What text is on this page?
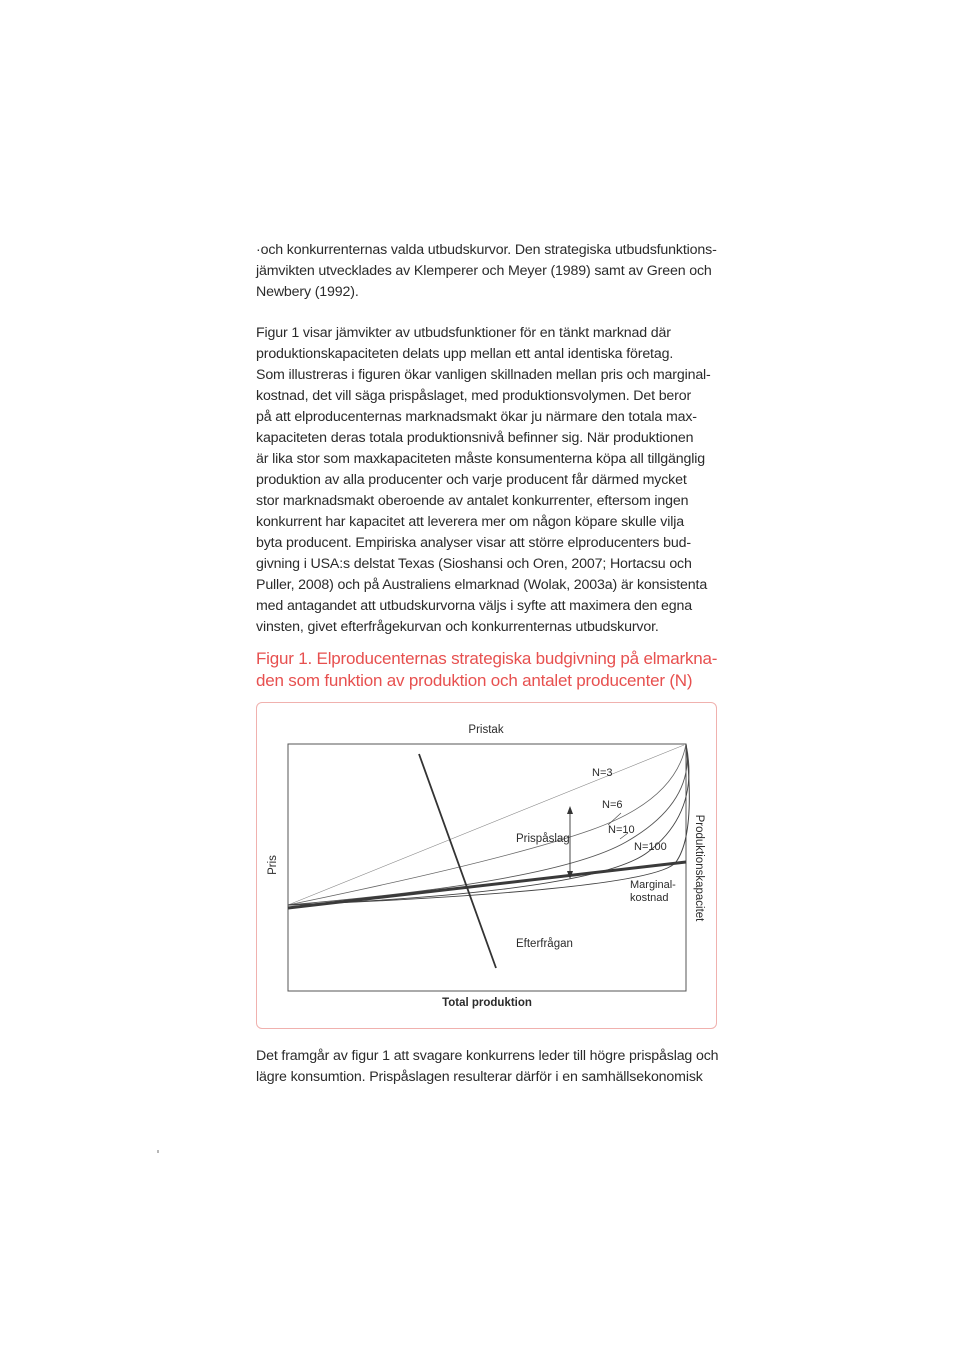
·och konkurrenternas valda utbudskurvor. Den strategiska utbudsfunktions-

jämvikten utvecklades av Klemperer och Meyer (1989) samt av Green och

Newbery (1992).

Figur 1 visar jämvikter av utbudsfunktioner för en tänkt marknad där

produktionskapaciteten delats upp mellan ett antal identiska företag.

Som illustreras i figuren ökar vanligen skillnaden mellan pris och marginal-

kostnad, det vill säga prispåslaget, med produktionsvolymen. Det beror

på att elproducenternas marknadsmakt ökar ju närmare den totala max-

kapaciteten deras totala produktionsnivå befinner sig. När produktionen

är lika stor som maxkapaciteten måste konsumenterna köpa all tillgänglig

produktion av alla producenter och varje producent får därmed mycket

stor marknadsmakt oberoende av antalet konkurrenter, eftersom ingen

konkurrent har kapacitet att leverera mer om någon köpare skulle vilja

byta producent. Empiriska analyser visar att större elproducenters bud-

givning i USA:s delstat Texas (Sioshansi och Oren, 2007; Hortacsu och

Puller, 2008) och på Australiens elmarknad (Wolak, 2003a) är konsistenta

med antagandet att utbudskurvorna väljs i syfte att maximera den egna

vinsten, givet efterfrågekurvan och konkurrenternas utbudskurvor.

Figur 1. Elproducenternas strategiska budgivning på elmarkna-
den som funktion av produktion och antalet producenter (N)
Pristak
Total produktion
Pris	Produktionskapacitet
N=3
N=6
N=10
N=100
Prispåslag
Marginal-
kostnad
Efterfrågan

Det framgår av figur 1 att svagare konkurrens leder till högre prispåslag och

lägre konsumtion. Prispåslagen resulterar därför i en samhällsekonomisk
